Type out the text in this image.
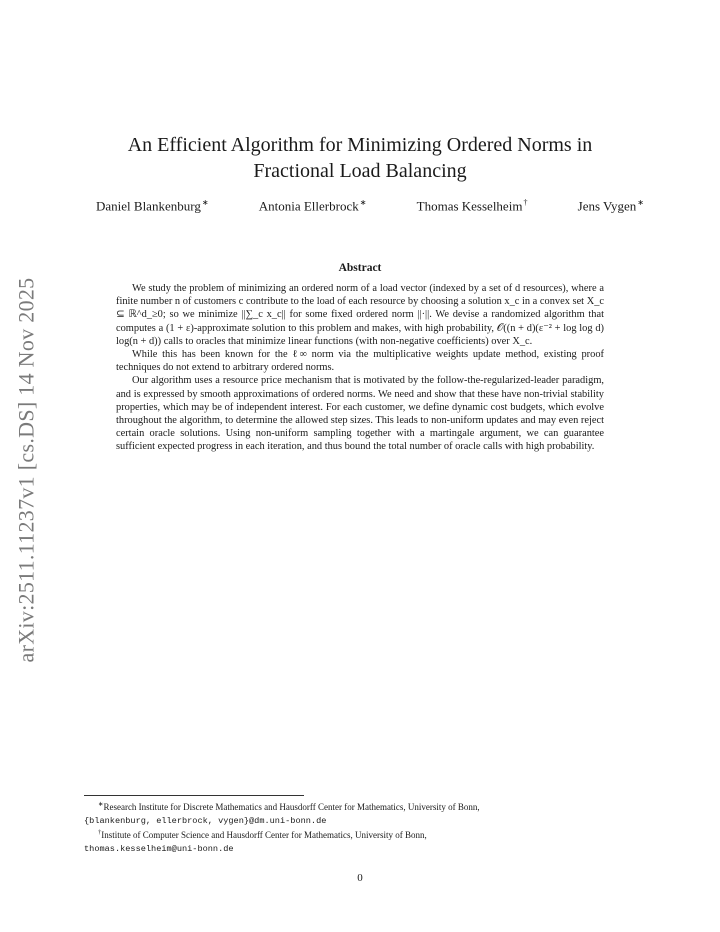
arXiv:2511.11237v1 [cs.DS] 14 Nov 2025
An Efficient Algorithm for Minimizing Ordered Norms in Fractional Load Balancing
Daniel Blankenburg∗	Antonia Ellerbrock∗	Thomas Kesselheim†	Jens Vygen∗
Abstract

We study the problem of minimizing an ordered norm of a load vector (indexed by a set of d resources), where a finite number n of customers c contribute to the load of each resource by choosing a solution x_c in a convex set X_c ⊆ ℝ^d_≥0; so we minimize ||∑_c x_c|| for some fixed ordered norm ||·||. We devise a randomized algorithm that computes a (1 + ε)-approximate solution to this problem and makes, with high probability, 𝒪((n + d)(ε⁻² + log log d) log(n + d)) calls to oracles that minimize linear functions (with non-negative coefficients) over X_c.

While this has been known for the ℓ∞ norm via the multiplicative weights update method, existing proof techniques do not extend to arbitrary ordered norms.

Our algorithm uses a resource price mechanism that is motivated by the follow-the-regularized-leader paradigm, and is expressed by smooth approximations of ordered norms. We need and show that these have non-trivial stability properties, which may be of independent interest. For each customer, we define dynamic cost budgets, which evolve throughout the algorithm, to determine the allowed step sizes. This leads to non-uniform updates and may even reject certain oracle solutions. Using non-uniform sampling together with a martingale argument, we can guarantee sufficient expected progress in each iteration, and thus bound the total number of oracle calls with high probability.

∗Research Institute for Discrete Mathematics and Hausdorff Center for Mathematics, University of Bonn,
{blankenburg, ellerbrock, vygen}@dm.uni-bonn.de

†Institute of Computer Science and Hausdorff Center for Mathematics, University of Bonn,
thomas.kesselheim@uni-bonn.de

0
